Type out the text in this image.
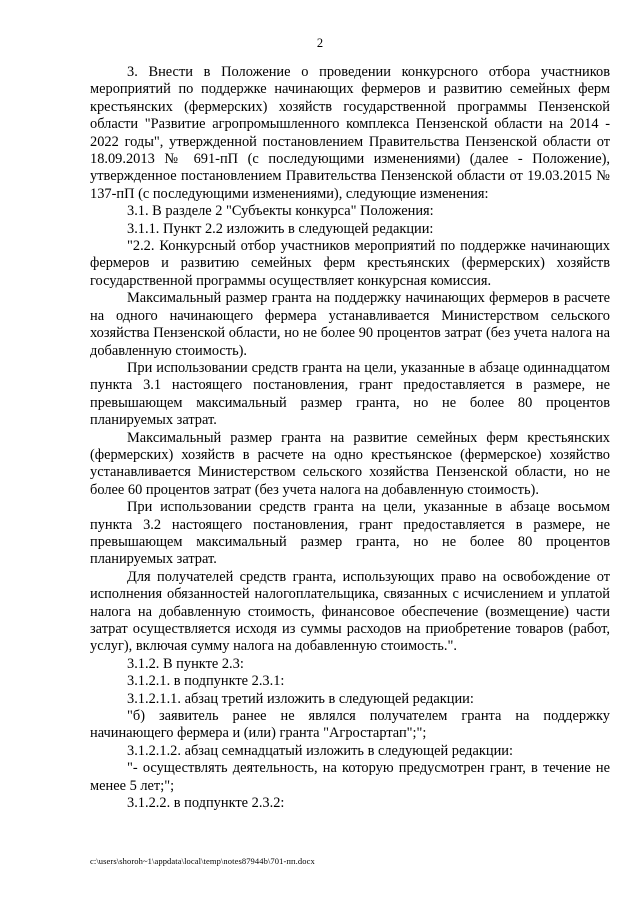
2

3. Внести в Положение о проведении конкурсного отбора участников мероприятий по поддержке начинающих фермеров и развитию семейных ферм крестьянских (фермерских) хозяйств государственной программы Пензенской области "Развитие агропромышленного комплекса Пензенской области на 2014 - 2022 годы", утвержденной постановлением Правительства Пензенской области от 18.09.2013 № 691-пП (с последующими изменениями) (далее - Положение), утвержденное постановлением Правительства Пензенской области от 19.03.2015 № 137-пП (с последующими изменениями), следующие изменения:

3.1. В разделе 2 "Субъекты конкурса" Положения:

3.1.1. Пункт 2.2 изложить в следующей редакции:

"2.2. Конкурсный отбор участников мероприятий по поддержке начинающих фермеров и развитию семейных ферм крестьянских (фермерских) хозяйств государственной программы осуществляет конкурсная комиссия.

Максимальный размер гранта на поддержку начинающих фермеров в расчете на одного начинающего фермера устанавливается Министерством сельского хозяйства Пензенской области, но не более 90 процентов затрат (без учета налога на добавленную стоимость).

При использовании средств гранта на цели, указанные в абзаце одиннадцатом пункта 3.1 настоящего постановления, грант предоставляется в размере, не превышающем максимальный размер гранта, но не более 80 процентов планируемых затрат.

Максимальный размер гранта на развитие семейных ферм крестьянских (фермерских) хозяйств в расчете на одно крестьянское (фермерское) хозяйство устанавливается Министерством сельского хозяйства Пензенской области, но не более 60 процентов затрат (без учета налога на добавленную стоимость).

При использовании средств гранта на цели, указанные в абзаце восьмом пункта 3.2 настоящего постановления, грант предоставляется в размере, не превышающем максимальный размер гранта, но не более 80 процентов планируемых затрат.

Для получателей средств гранта, использующих право на освобождение от исполнения обязанностей налогоплательщика, связанных с исчислением и уплатой налога на добавленную стоимость, финансовое обеспечение (возмещение) части затрат осуществляется исходя из суммы расходов на приобретение товаров (работ, услуг), включая сумму налога на добавленную стоимость.".

3.1.2. В пункте 2.3:

3.1.2.1. в подпункте 2.3.1:

3.1.2.1.1. абзац третий изложить в следующей редакции:

"б) заявитель ранее не являлся получателем гранта на поддержку начинающего фермера и (или) гранта "Агростартап";";

3.1.2.1.2. абзац семнадцатый изложить в следующей редакции:

"- осуществлять деятельность, на которую предусмотрен грант, в течение не менее 5 лет;";

3.1.2.2. в подпункте 2.3.2:

c:\users\shoroh~1\appdata\local\temp\notes87944b\701-пп.docx
